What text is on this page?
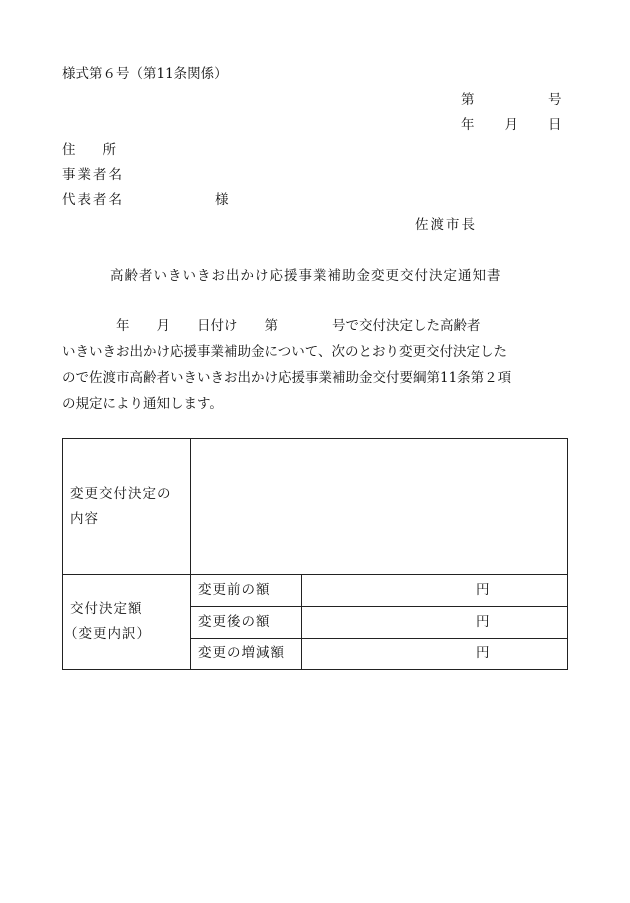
様式第６号（第11条関係）
第　　　　　号
年　　月　　日
住　　所
事業者名
代表者名	様
佐渡市長
高齢者いきいきお出かけ応援事業補助金変更交付決定通知書
　　　　年　　月　　日付け　　第　　　　号で交付決定した高齢者
いきいきお出かけ応援事業補助金について、次のとおり変更交付決定した
ので佐渡市高齢者いきいきお出かけ応援事業補助金交付要綱第11条第２項
の規定により通知します。
変更交付決定の
内容
交付決定額
（変更内訳）
変更前の額	円
変更後の額	円
変更の増減額	円
